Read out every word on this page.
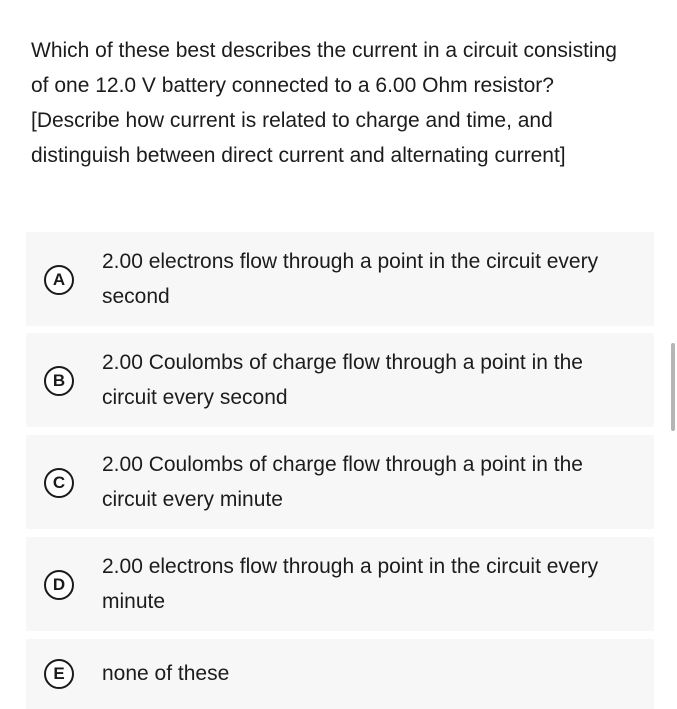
Which of these best describes the current in a circuit consisting of one 12.0 V battery connected to a 6.00 Ohm resistor? [Describe how current is related to charge and time, and distinguish between direct current and alternating current]
A
2.00 electrons flow through a point in the circuit every second
B
2.00 Coulombs of charge flow through a point in the circuit every second
C
2.00 Coulombs of charge flow through a point in the circuit every minute
D
2.00 electrons flow through a point in the circuit every minute
E	none of these
